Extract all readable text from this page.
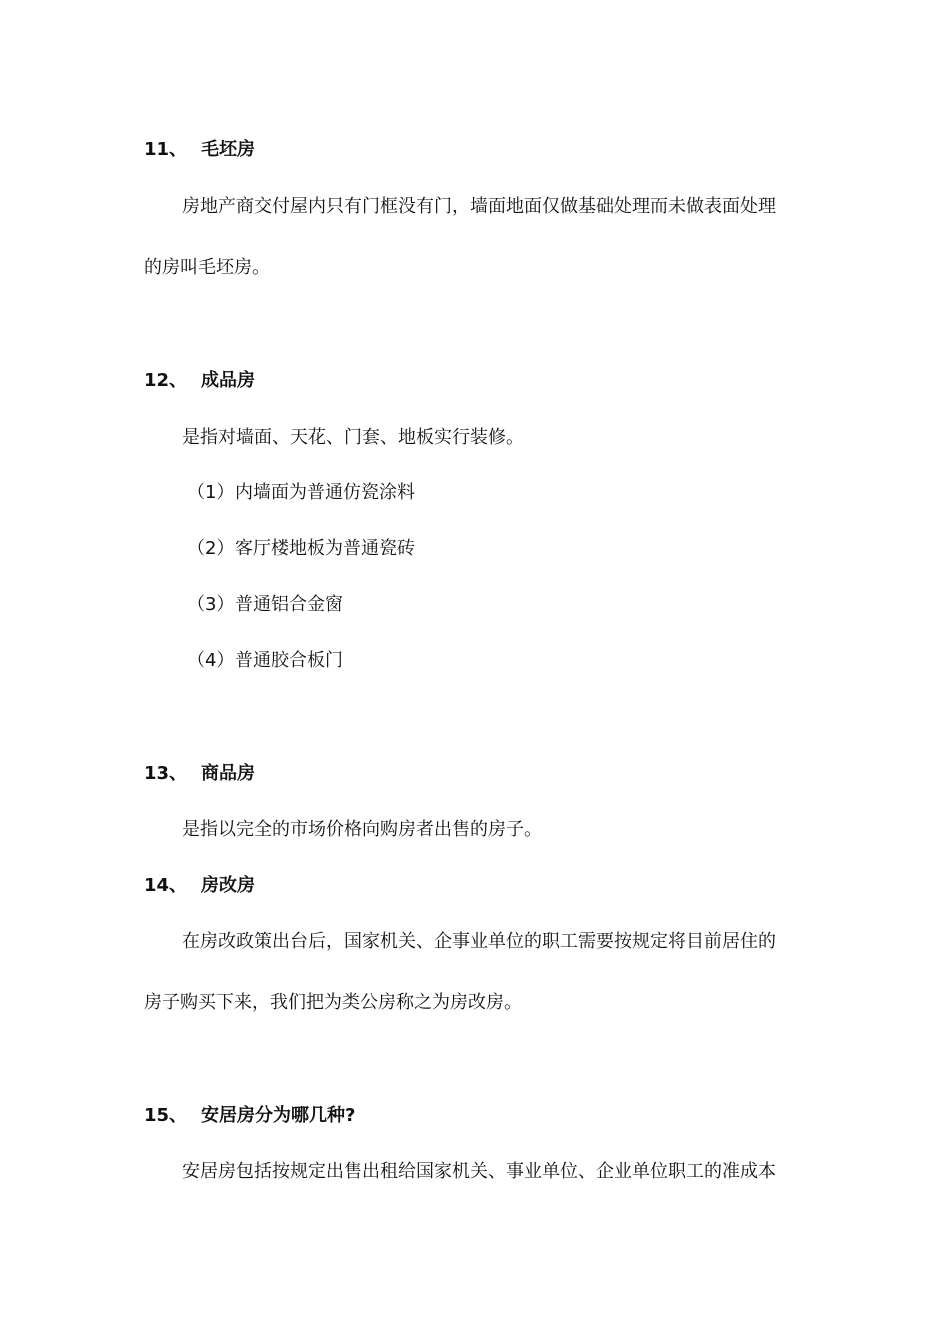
11、 毛坯房
房地产商交付屋内只有门框没有门，墙面地面仅做基础处理而未做表面处理
的房叫毛坯房。
12、 成品房
是指对墙面、天花、门套、地板实行装修。
（1）内墙面为普通仿瓷涂料
（2）客厅楼地板为普通瓷砖
（3）普通铝合金窗
（4）普通胶合板门
13、 商品房
是指以完全的市场价格向购房者出售的房子。
14、 房改房
在房改政策出台后，国家机关、企事业单位的职工需要按规定将目前居住的
房子购买下来，我们把为类公房称之为房改房。
15、 安居房分为哪几种?
安居房包括按规定出售出租给国家机关、事业单位、企业单位职工的准成本
